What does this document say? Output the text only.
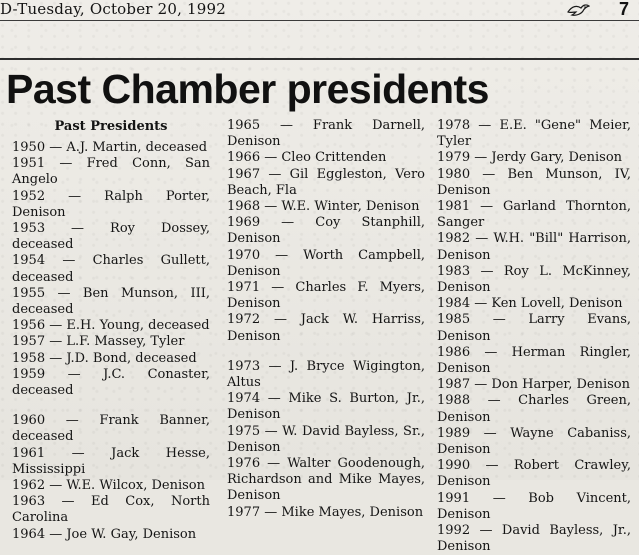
D-Tuesday, October 20, 1992	7
Past Chamber presidents
Past Presidents

1950 — A.J. Martin, deceased

1951 — Fred Conn, San Angelo

1952 — Ralph Porter, Denison

1953 — Roy Dossey, deceased

1954 — Charles Gullett, deceased

1955 — Ben Munson, III, deceased

1956 — E.H. Young, deceased

1957 — L.F. Massey, Tyler

1958 — J.D. Bond, deceased

1959 — J.C. Conaster, deceased

1960 — Frank Banner, deceased

1961 — Jack Hesse, Mississippi

1962 — W.E. Wilcox, Denison

1963 — Ed Cox, North Carolina

1964 — Joe W. Gay, Denison

1965 — Frank Darnell, Denison

1966 — Cleo Crittenden

1967 — Gil Eggleston, Vero Beach, Fla

1968 — W.E. Winter, Denison

1969 — Coy Stanphill, Denison

1970 — Worth Campbell, Denison

1971 — Charles F. Myers, Denison

1972 — Jack W. Harriss, Denison

1973 — J. Bryce Wigington, Altus

1974 — Mike S. Burton, Jr., Denison

1975 — W. David Bayless, Sr., Denison

1976 — Walter Goodenough, Richardson and Mike Mayes, Denison

1977 — Mike Mayes, Denison

1978 — E.E. "Gene" Meier, Tyler

1979 — Jerdy Gary, Denison

1980 — Ben Munson, IV, Denison

1981 — Garland Thornton, Sanger

1982 — W.H. "Bill" Harrison, Denison

1983 — Roy L. McKinney, Denison

1984 — Ken Lovell, Denison

1985 — Larry Evans, Denison

1986 — Herman Ringler, Denison

1987 — Don Harper, Denison

1988 — Charles Green, Denison

1989 — Wayne Cabaniss, Denison

1990 — Robert Crawley, Denison

1991 — Bob Vincent, Denison

1992 — David Bayless, Jr., Denison
